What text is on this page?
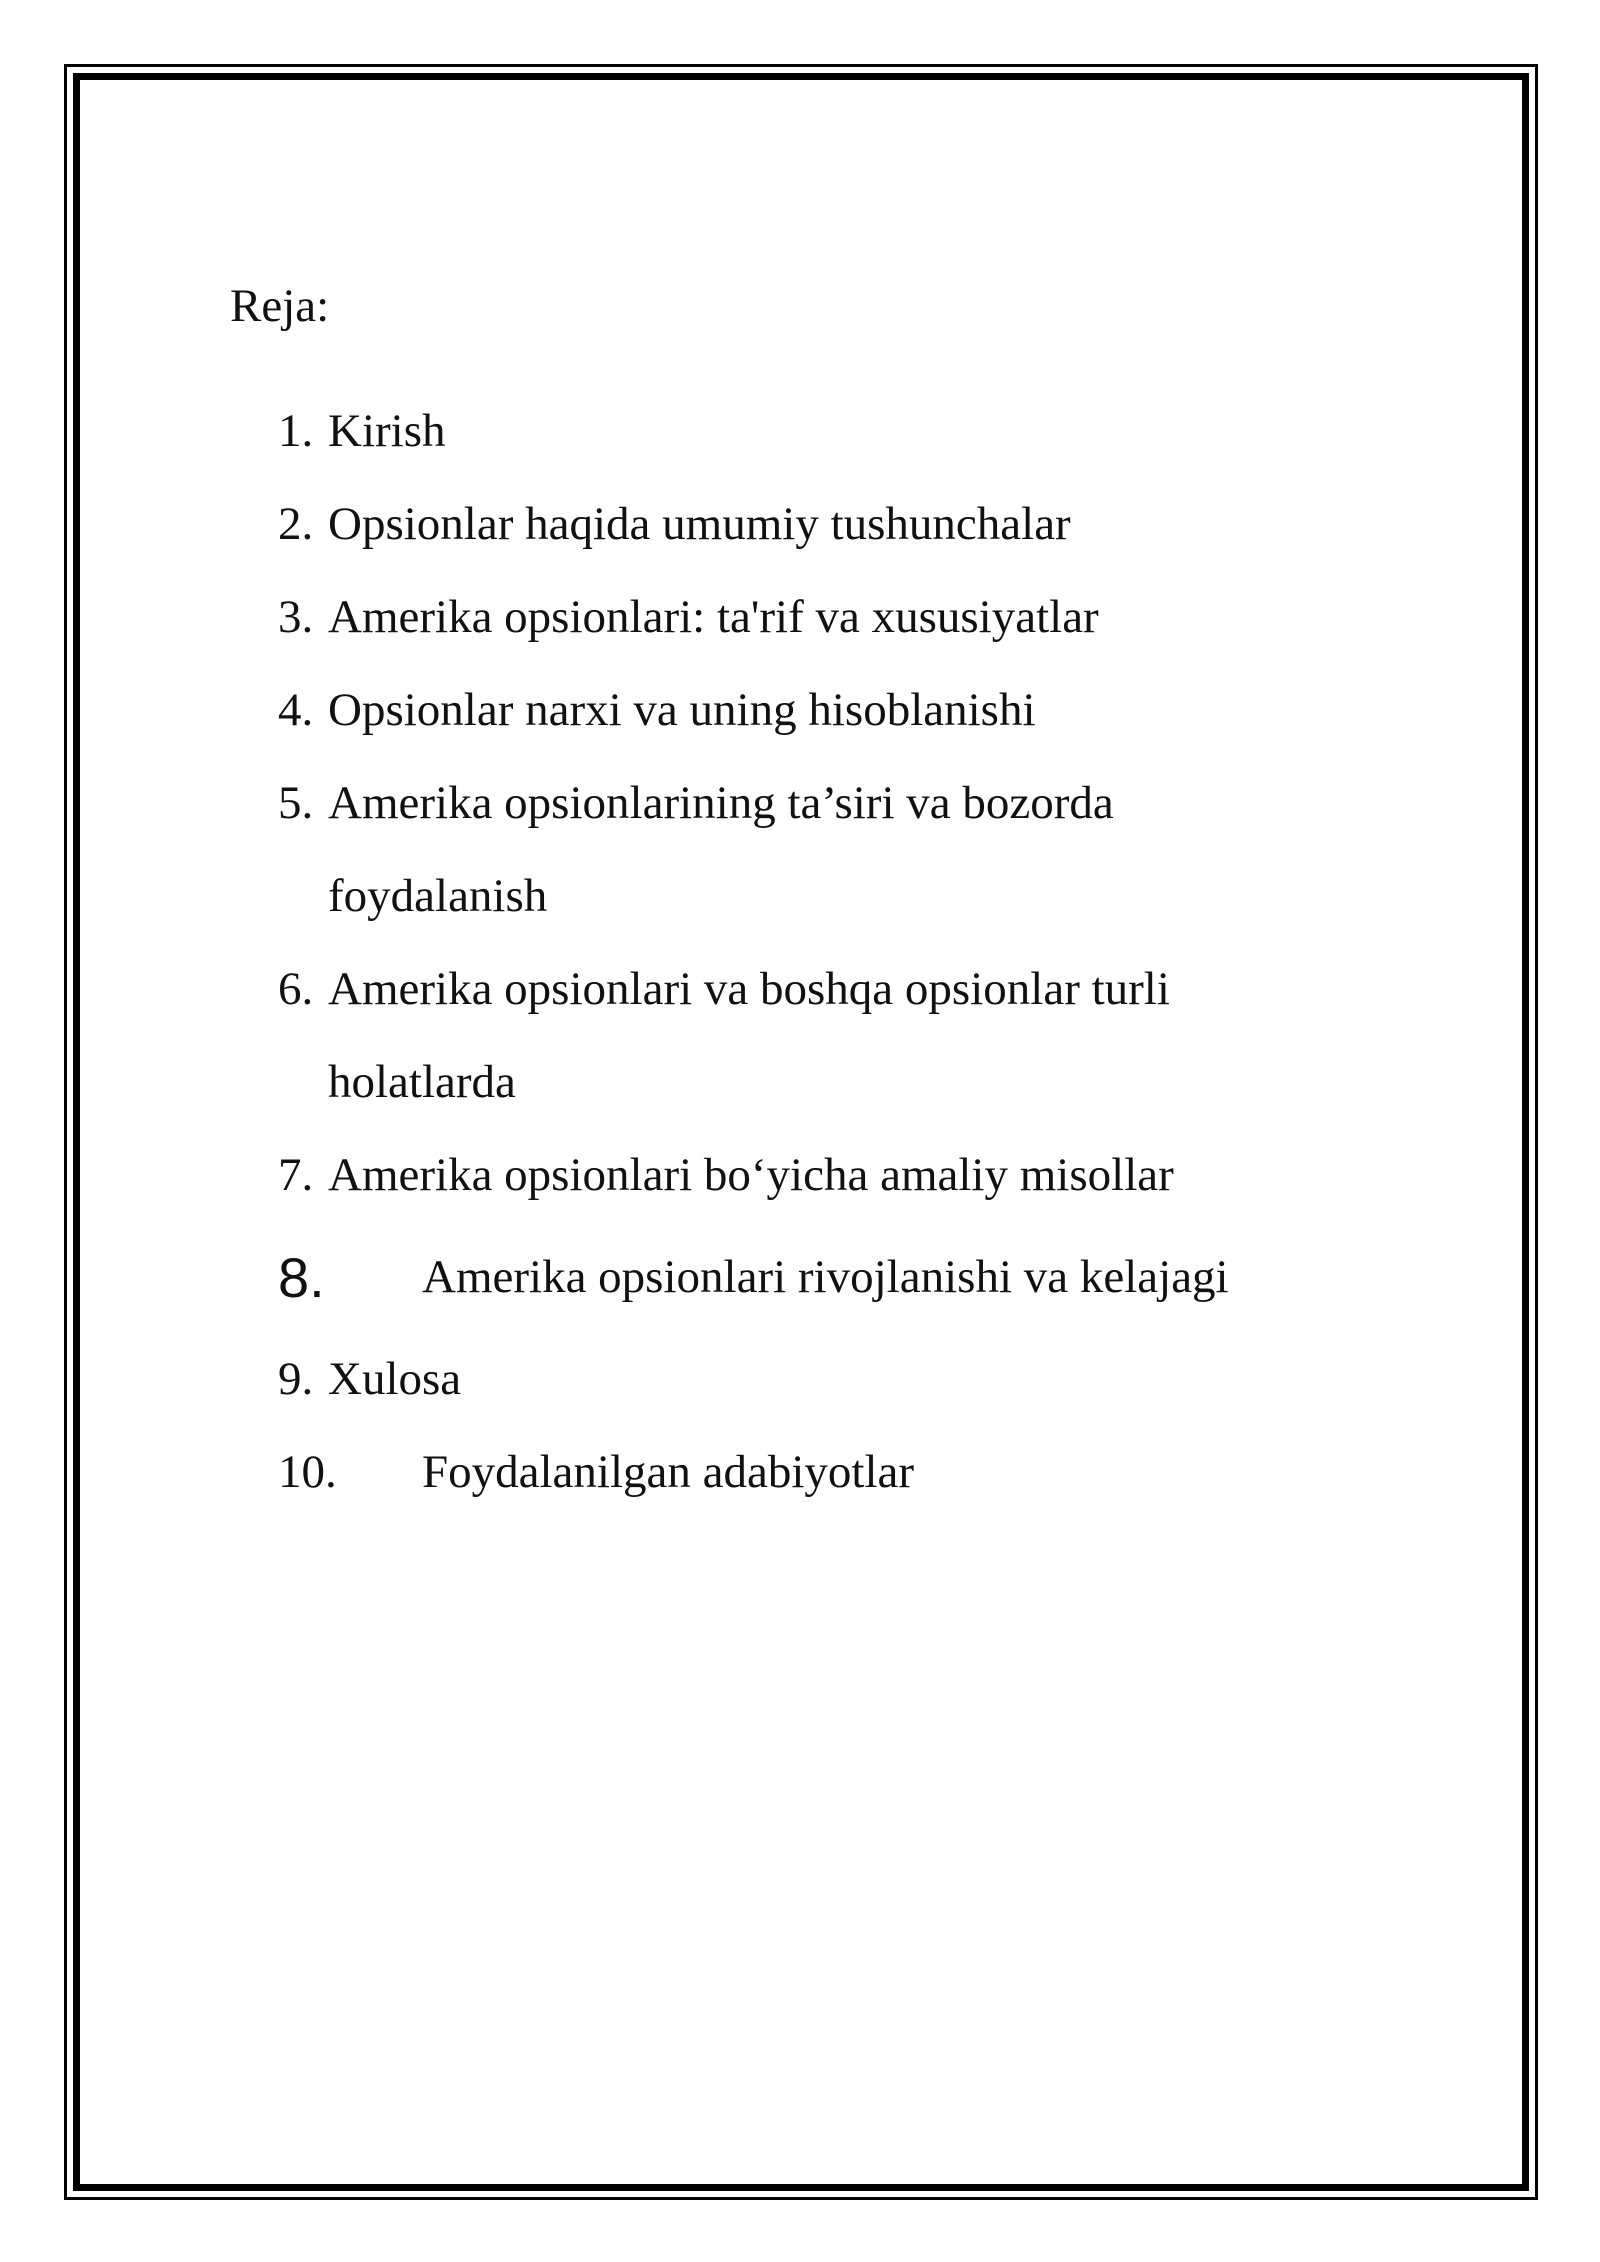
Reja:
1. Kirish
2. Opsionlar haqida umumiy tushunchalar
3. Amerika opsionlari: ta'rif va xususiyatlar
4. Opsionlar narxi va uning hisoblanishi
5. Amerika opsionlarining ta’siri va bozorda
foydalanish
6. Amerika opsionlari va boshqa opsionlar turli
holatlarda
7. Amerika opsionlari bo‘yicha amaliy misollar
8. Amerika opsionlari rivojlanishi va kelajagi
9. Xulosa
10. Foydalanilgan adabiyotlar
